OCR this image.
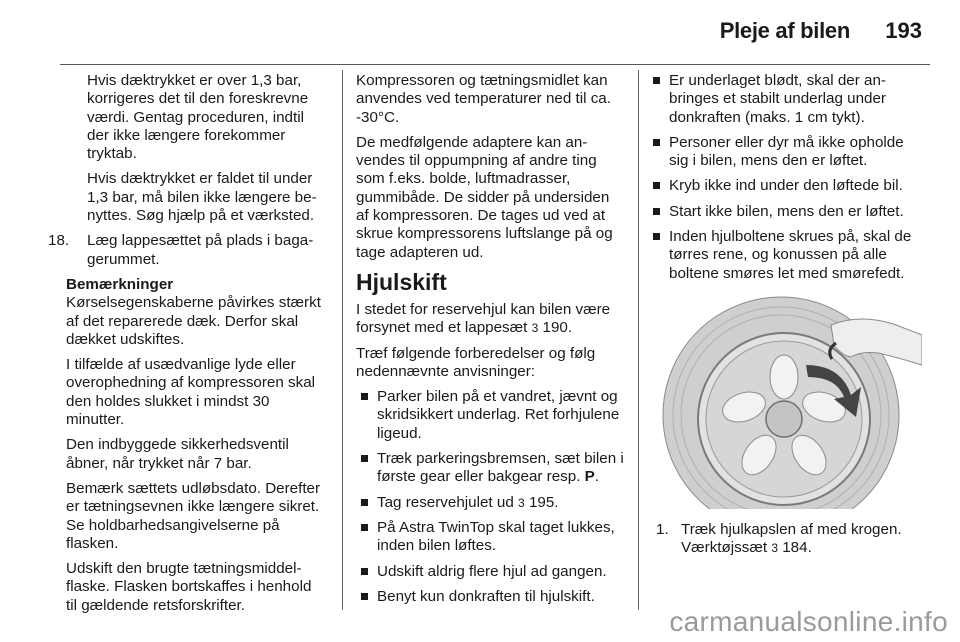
Pleje af bilen 193

Hvis dæktrykket er over 1,3 bar, korrigeres det til den foreskrevne værdi. Gentag proceduren, indtil der ikke længere forekommer tryktab.

Hvis dæktrykket er faldet til under 1,3 bar, må bilen ikke længere benyttes. Søg hjælp på et værksted.

18. Læg lappesættet på plads i bagagerummet.

Bemærkninger

Kørselsegenskaberne påvirkes stærkt af det reparerede dæk. Derfor skal dækket udskiftes.

I tilfælde af usædvanlige lyde eller overophedning af kompressoren skal den holdes slukket i mindst 30 minutter.

Den indbyggede sikkerhedsventil åbner, når trykket når 7 bar.

Bemærk sættets udløbsdato. Derefter er tætningsevnen ikke længere sikret. Se holdbarhedsangivelserne på flasken.

Udskift den brugte tætningsmiddelflaske. Flasken bortskaffes i henhold til gældende retsforskrifter.

Kompressoren og tætningsmidlet kan anvendes ved temperaturer ned til ca. -30°C.

De medfølgende adaptere kan anvendes til oppumpning af andre ting som f.eks. bolde, luftmadrasser, gummibåde. De sidder på undersiden af kompressoren. De tages ud ved at skrue kompressorens luftslange på og tage adapteren ud.

Hjulskift

I stedet for reservehjul kan bilen være forsynet med et lappesæt 3 190.

Træf følgende forberedelser og følg nedennævnte anvisninger:

Parker bilen på et vandret, jævnt og skridsikkert underlag. Ret forhjulene ligeud.
Træk parkeringsbremsen, sæt bilen i første gear eller bakgear resp. P.
Tag reservehjulet ud 3 195.
På Astra TwinTop skal taget lukkes, inden bilen løftes.
Udskift aldrig flere hjul ad gangen.
Benyt kun donkraften til hjulskift.
Er underlaget blødt, skal der anbringes et stabilt underlag under donkraften (maks. 1 cm tykt).
Personer eller dyr må ikke opholde sig i bilen, mens den er løftet.
Kryb ikke ind under den løftede bil.
Start ikke bilen, mens den er løftet.
Inden hjulboltene skrues på, skal de tørres rene, og konussen på alle boltene smøres let med smørefedt.
1. Træk hjulkapslen af med krogen. Værktøjssæt 3 184.
carmanualsonline.info
